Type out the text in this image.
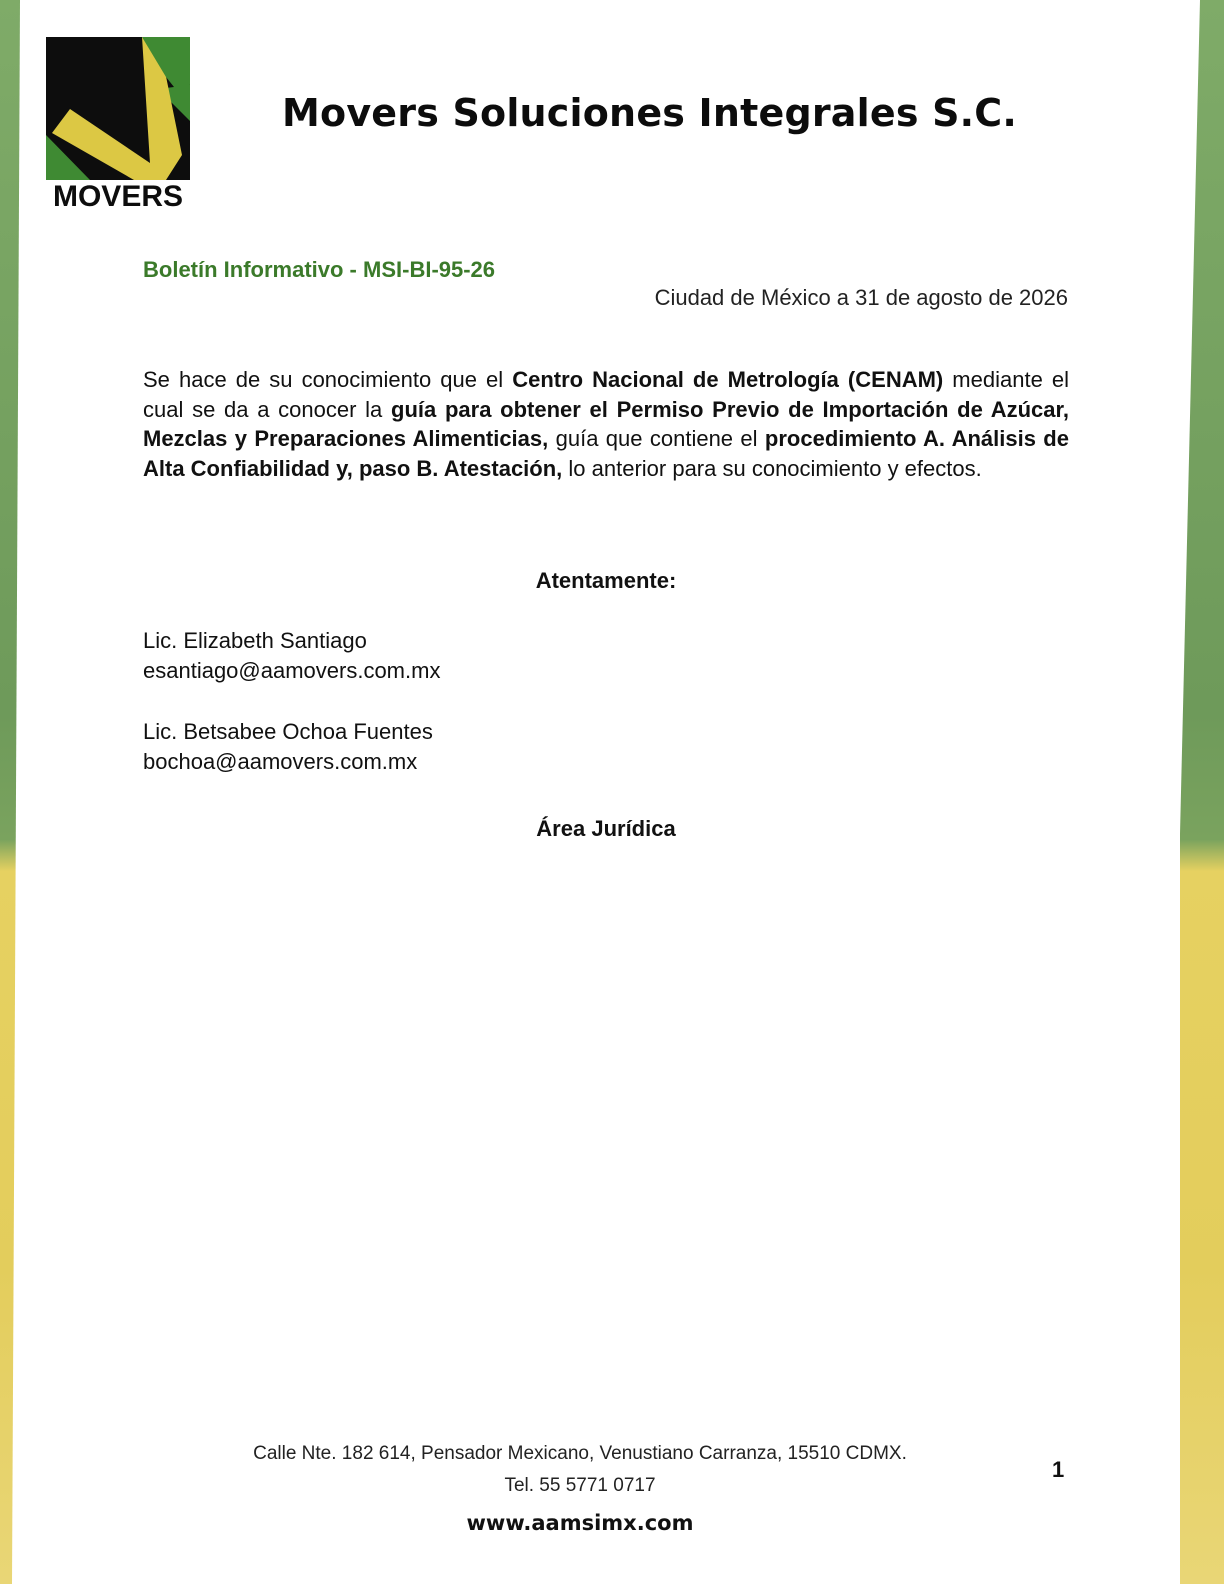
MOVERS
Movers Soluciones Integrales S.C.
Boletín Informativo - MSI-BI-95-26
Ciudad de México a 31 de agosto de 2026
Se hace de su conocimiento que el Centro Nacional de Metrología (CENAM) mediante el cual se da a conocer la guía para obtener el Permiso Previo de Importación de Azúcar, Mezclas y Preparaciones Alimenticias, guía que contiene el procedimiento A. Análisis de Alta Confiabilidad y, paso B. Atestación, lo anterior para su conocimiento y efectos.
Atentamente:
Lic. Elizabeth Santiago
esantiago@aamovers.com.mx
Lic. Betsabee Ochoa Fuentes
bochoa@aamovers.com.mx
Área Jurídica
Calle Nte. 182 614, Pensador Mexicano, Venustiano Carranza, 15510 CDMX.
Tel. 55 5771 0717
www.aamsimx.com
1
